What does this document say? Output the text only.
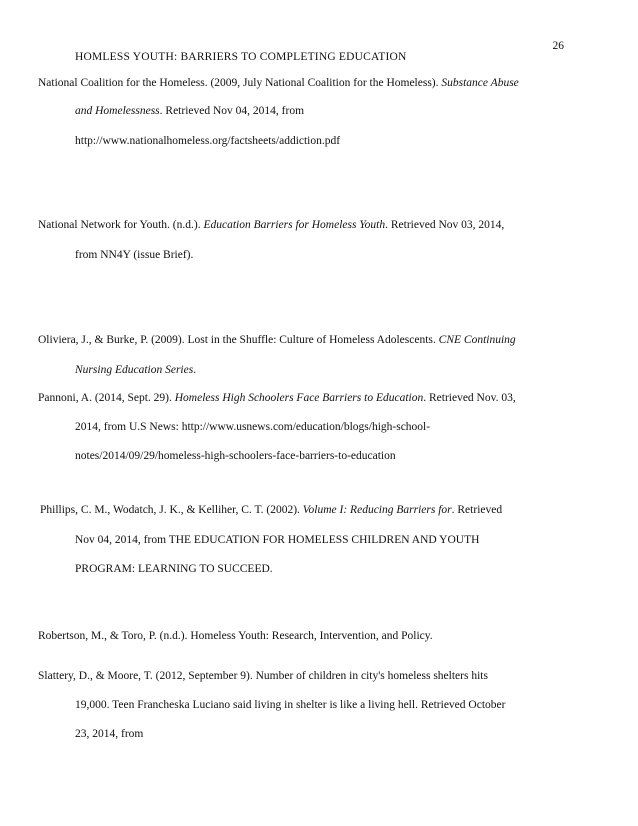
26
HOMLESS YOUTH: BARRIERS TO COMPLETING EDUCATION
National Coalition for the Homeless. (2009, July National Coalition for the Homeless). Substance Abuse
and Homelessness. Retrieved Nov 04, 2014, from
http://www.nationalhomeless.org/factsheets/addiction.pdf
National Network for Youth. (n.d.). Education Barriers for Homeless Youth. Retrieved Nov 03, 2014,
from NN4Y (issue Brief).
Oliviera, J., & Burke, P. (2009). Lost in the Shuffle: Culture of Homeless Adolescents. CNE Continuing
Nursing Education Series.
Pannoni, A. (2014, Sept. 29). Homeless High Schoolers Face Barriers to Education. Retrieved Nov. 03,
2014, from U.S News: http://www.usnews.com/education/blogs/high-school-
notes/2014/09/29/homeless-high-schoolers-face-barriers-to-education
Phillips, C. M., Wodatch, J. K., & Kelliher, C. T. (2002). Volume I: Reducing Barriers for. Retrieved
Nov 04, 2014, from THE EDUCATION FOR HOMELESS CHILDREN AND YOUTH
PROGRAM: LEARNING TO SUCCEED.
Robertson, M., & Toro, P. (n.d.). Homeless Youth: Research, Intervention, and Policy.
Slattery, D., & Moore, T. (2012, September 9). Number of children in city's homeless shelters hits
19,000. Teen Francheska Luciano said living in shelter is like a living hell. Retrieved October
23, 2014, from
